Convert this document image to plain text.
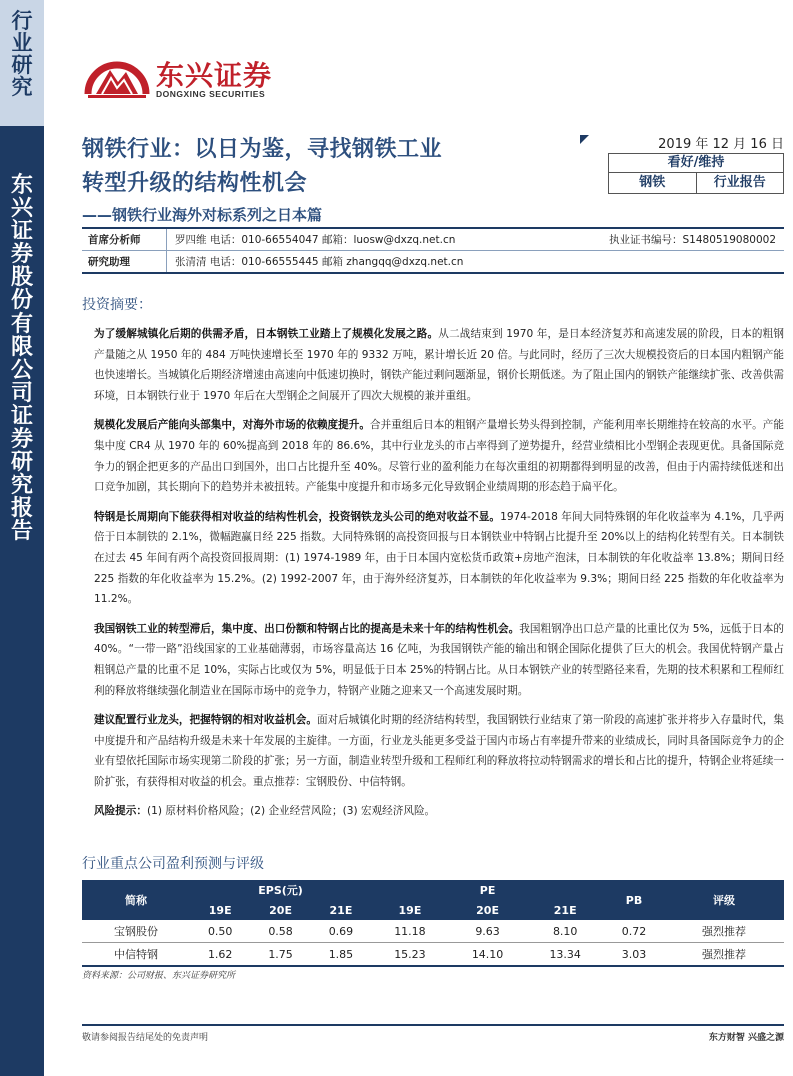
行
业
研
究
东
兴
证
券
股
份
有
限
公
司
证
券
研
究
报
告
东兴证券
DONGXING SECURITIES
钢铁行业：以日为鉴，寻找钢铁工业
转型升级的结构性机会
——钢铁行业海外对标系列之日本篇
2019 年 12 月 16 日
看好/维持
钢铁	行业报告
首席分析师	罗四维 电话：010-66554047 邮箱：luosw@dxzq.net.cn	执业证书编号：S1480519080002
研究助理	张清清 电话：010-66555445 邮箱 zhangqq@dxzq.net.cn
投资摘要：

为了缓解城镇化后期的供需矛盾，日本钢铁工业踏上了规模化发展之路。从二战结束到 1970 年，是日本经济复苏和高速发展的阶段，日本的粗钢产量随之从 1950 年的 484 万吨快速增长至 1970 年的 9332 万吨，累计增长近 20 倍。与此同时，经历了三次大规模投资后的日本国内粗钢产能也快速增长。当城镇化后期经济增速由高速向中低速切换时，钢铁产能过剩问题渐显，钢价长期低迷。为了阻止国内的钢铁产能继续扩张、改善供需环境，日本钢铁行业于 1970 年后在大型钢企之间展开了四次大规模的兼并重组。

规模化发展后产能向头部集中，对海外市场的依赖度提升。合并重组后日本的粗钢产量增长势头得到控制，产能利用率长期维持在较高的水平。产能集中度 CR4 从 1970 年的 60%提高到 2018 年的 86.6%，其中行业龙头的市占率得到了逆势提升，经营业绩相比小型钢企表现更优。具备国际竞争力的钢企把更多的产品出口到国外，出口占比提升至 40%。尽管行业的盈利能力在每次重组的初期都得到明显的改善，但由于内需持续低迷和出口竞争加剧，其长期向下的趋势并未被扭转。产能集中度提升和市场多元化导致钢企业绩周期的形态趋于扁平化。

特钢是长周期向下能获得相对收益的结构性机会，投资钢铁龙头公司的绝对收益不显。1974-2018 年间大同特殊钢的年化收益率为 4.1%，几乎两倍于日本制铁的 2.1%，微幅跑赢日经 225 指数。大同特殊钢的高投资回报与日本钢铁业中特钢占比提升至 20%以上的结构化转型有关。日本制铁在过去 45 年间有两个高投资回报周期：(1) 1974-1989 年，由于日本国内宽松货币政策+房地产泡沫，日本制铁的年化收益率 13.8%；期间日经 225 指数的年化收益率为 15.2%。(2) 1992-2007 年，由于海外经济复苏，日本制铁的年化收益率为 9.3%；期间日经 225 指数的年化收益率为 11.2%。

我国钢铁工业的转型滞后，集中度、出口份额和特钢占比的提高是未来十年的结构性机会。我国粗钢净出口总产量的比重比仅为 5%，远低于日本的 40%。“一带一路”沿线国家的工业基础薄弱，市场容量高达 16 亿吨，为我国钢铁产能的输出和钢企国际化提供了巨大的机会。我国优特钢产量占粗钢总产量的比重不足 10%，实际占比或仅为 5%，明显低于日本 25%的特钢占比。从日本钢铁产业的转型路径来看，先期的技术积累和工程师红利的释放将继续强化制造业在国际市场中的竞争力，特钢产业随之迎来又一个高速发展时期。

建议配置行业龙头，把握特钢的相对收益机会。面对后城镇化时期的经济结构转型，我国钢铁行业结束了第一阶段的高速扩张并将步入存量时代，集中度提升和产品结构升级是未来十年发展的主旋律。一方面，行业龙头能更多受益于国内市场占有率提升带来的业绩成长，同时具备国际竞争力的企业有望依托国际市场实现第二阶段的扩张；另一方面，制造业转型升级和工程师红利的释放将拉动特钢需求的增长和占比的提升，特钢企业将延续一阶扩张，有获得相对收益的机会。重点推荐：宝钢股份、中信特钢。

风险提示：(1) 原材料价格风险；(2) 企业经营风险；(3) 宏观经济风险。

行业重点公司盈利预测与评级
简称	EPS(元)			PE			PB	评级
	19E	20E	21E	19E	20E	21E		
宝钢股份	0.50	0.58	0.69	11.18	9.63	8.10	0.72	强烈推荐
中信特钢	1.62	1.75	1.85	15.23	14.10	13.34	3.03	强烈推荐
资料来源：公司财报、东兴证券研究所
敬请参阅报告结尾处的免责声明	东方财智 兴盛之源
